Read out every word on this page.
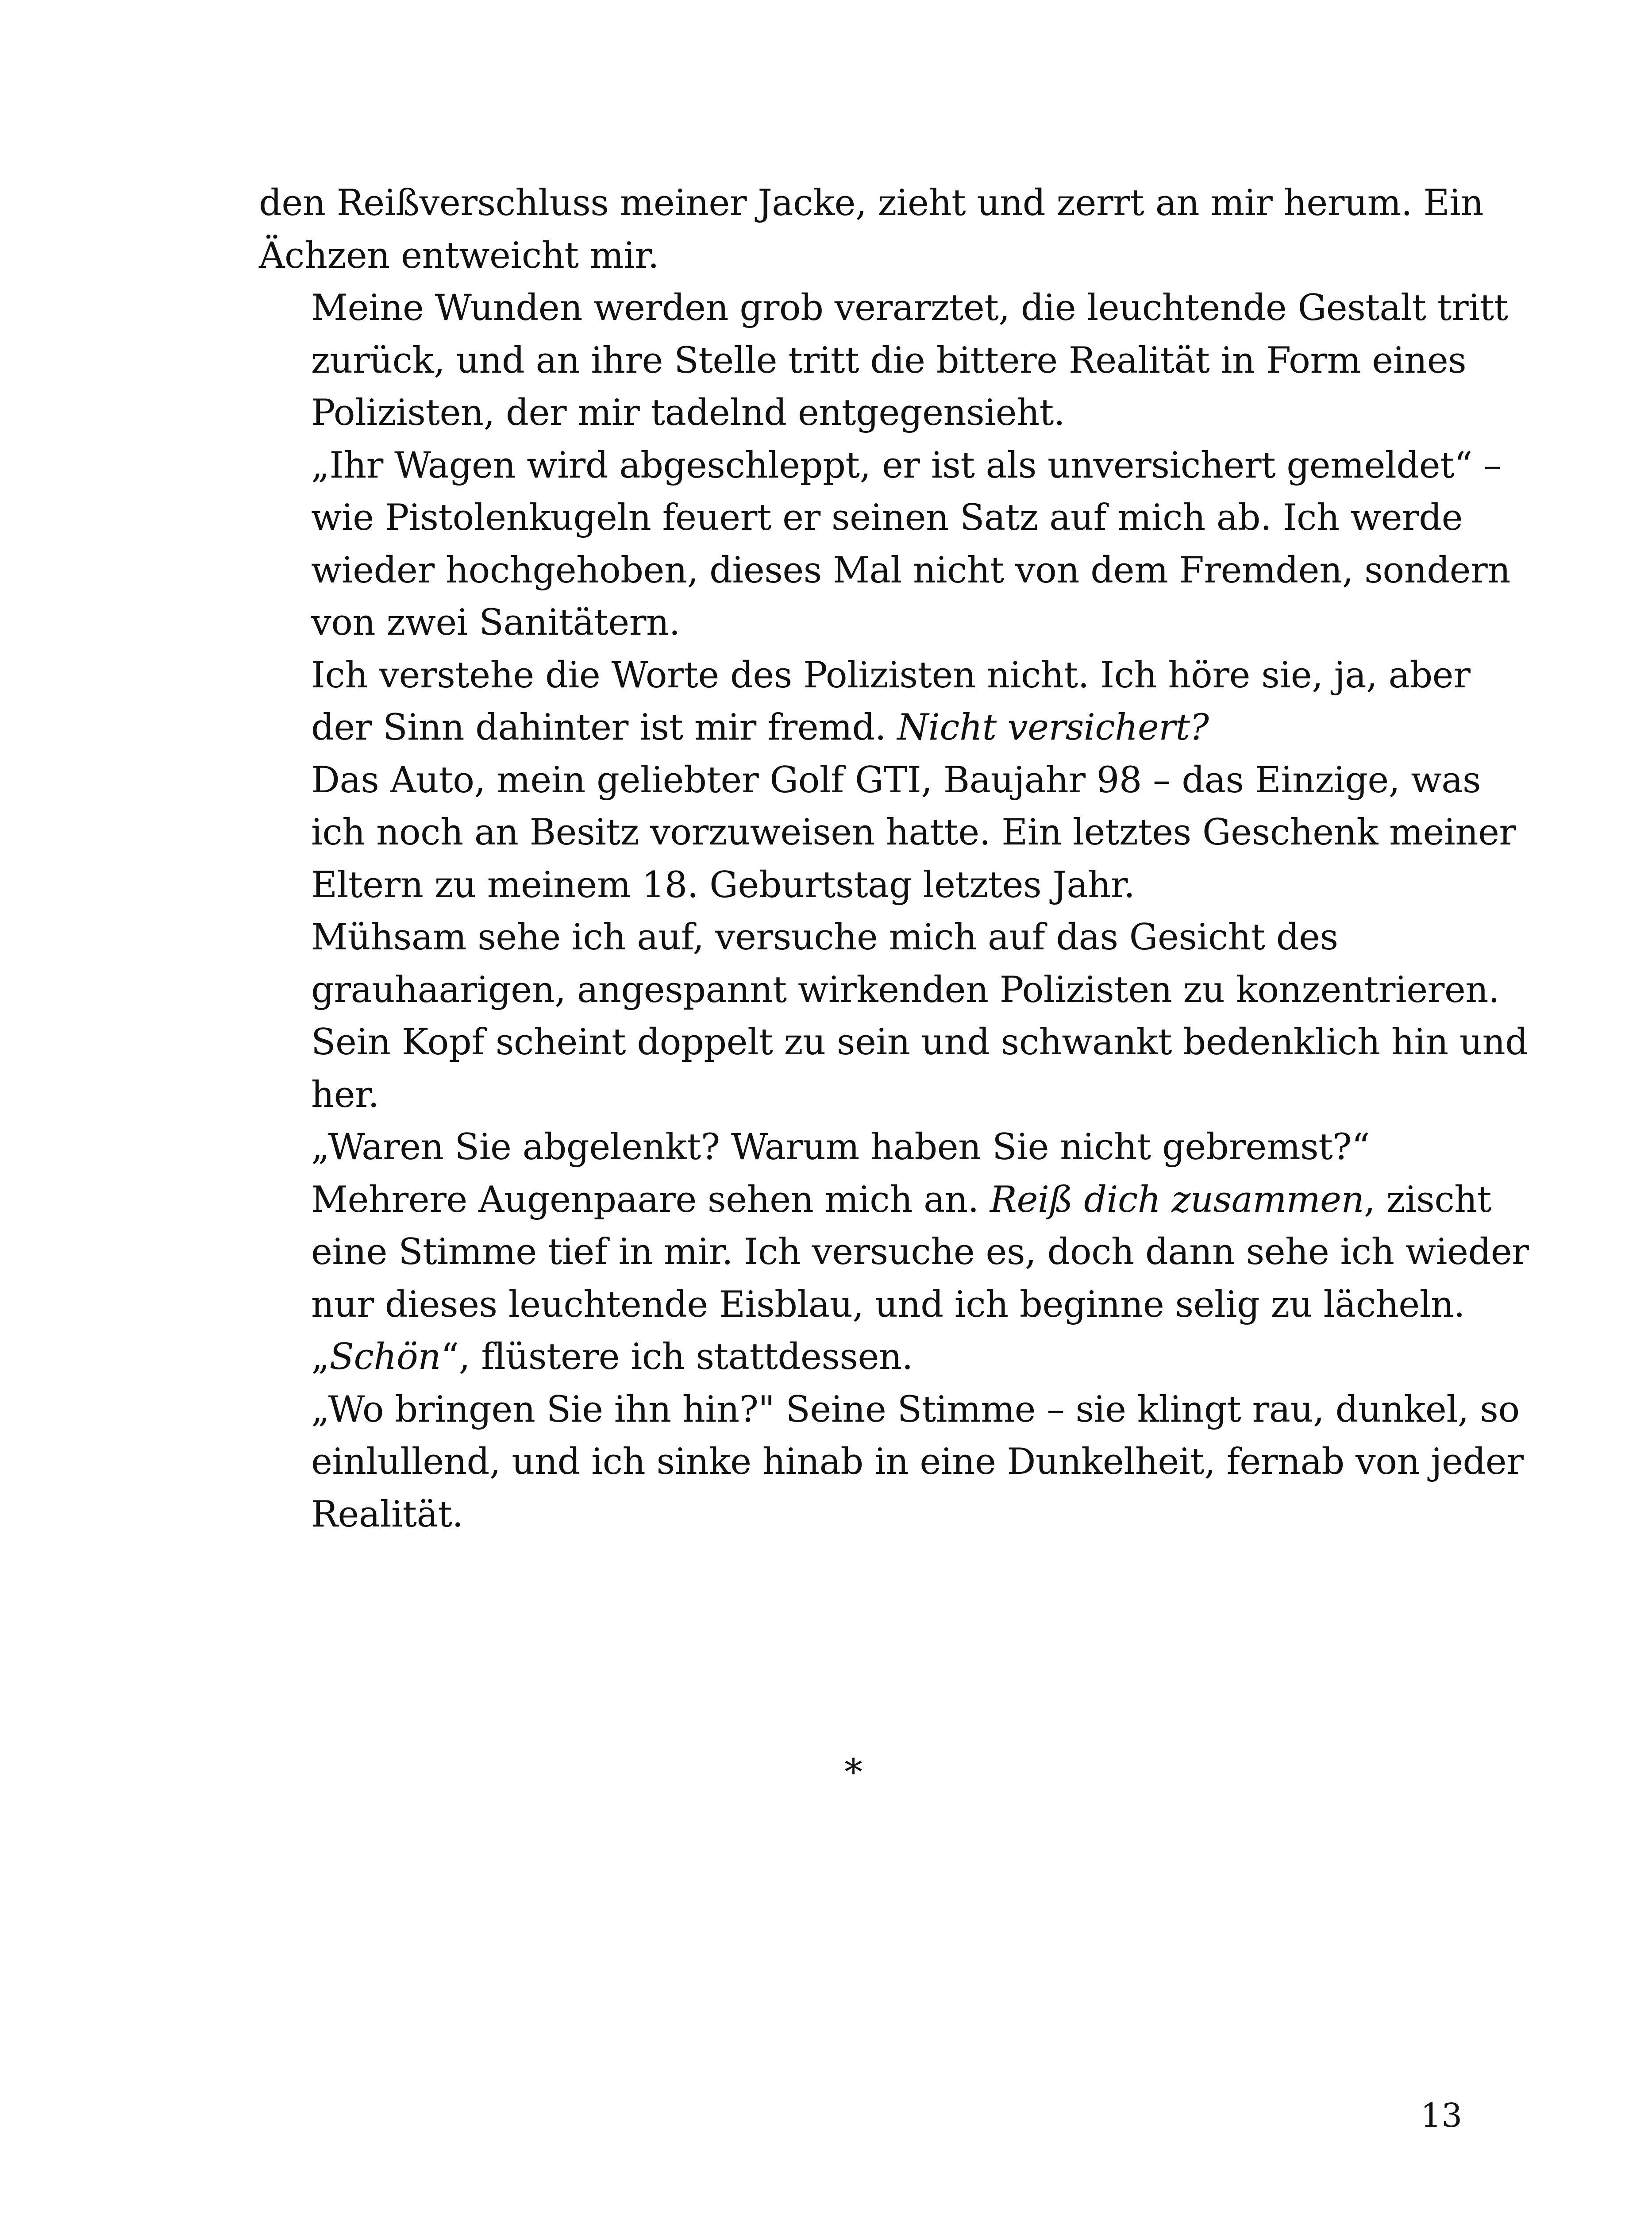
den Reißverschluss meiner Jacke, zieht und zerrt an mir herum. Ein
Ächzen entweicht mir.

Meine Wunden werden grob verarztet, die leuchtende Gestalt tritt
zurück, und an ihre Stelle tritt die bittere Realität in Form eines
Polizisten, der mir tadelnd entgegensieht.

„Ihr Wagen wird abgeschleppt, er ist als unversichert gemeldet“ –
wie Pistolenkugeln feuert er seinen Satz auf mich ab. Ich werde
wieder hochgehoben, dieses Mal nicht von dem Fremden, sondern
von zwei Sanitätern.

Ich verstehe die Worte des Polizisten nicht. Ich höre sie, ja, aber
der Sinn dahinter ist mir fremd. Nicht versichert?

Das Auto, mein geliebter Golf GTI, Baujahr 98 – das Einzige, was
ich noch an Besitz vorzuweisen hatte. Ein letztes Geschenk meiner
Eltern zu meinem 18. Geburtstag letztes Jahr.

Mühsam sehe ich auf, versuche mich auf das Gesicht des
grauhaarigen, angespannt wirkenden Polizisten zu konzentrieren.
Sein Kopf scheint doppelt zu sein und schwankt bedenklich hin und
her.

„Waren Sie abgelenkt? Warum haben Sie nicht gebremst?“

Mehrere Augenpaare sehen mich an. Reiß dich zusammen, zischt
eine Stimme tief in mir. Ich versuche es, doch dann sehe ich wieder
nur dieses leuchtende Eisblau, und ich beginne selig zu lächeln.

„Schön“, flüstere ich stattdessen.

„Wo bringen Sie ihn hin?" Seine Stimme – sie klingt rau, dunkel, so
einlullend, und ich sinke hinab in eine Dunkelheit, fernab von jeder
Realität.

*
13
